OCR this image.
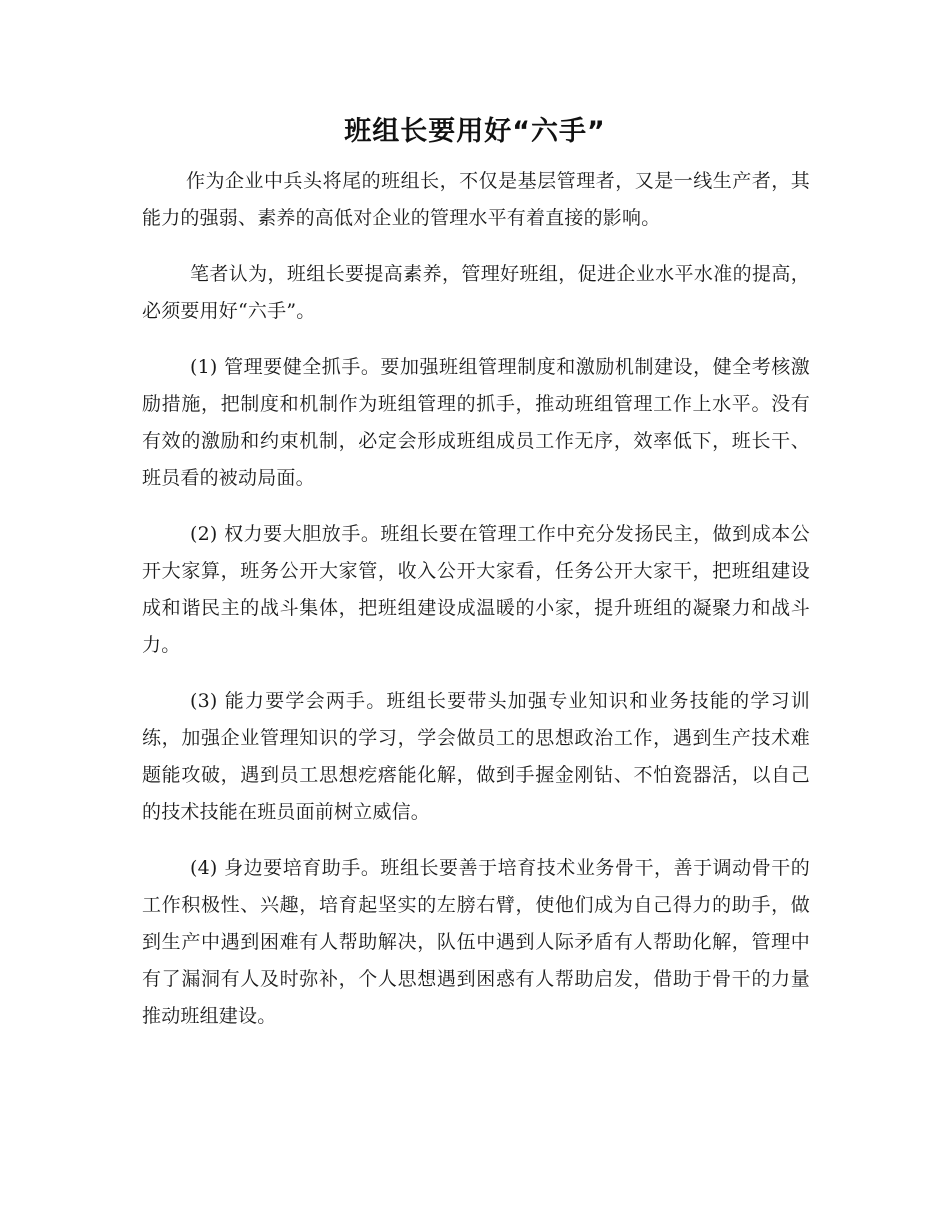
班组长要用好“六手”

作为企业中兵头将尾的班组长，不仅是基层管理者，又是一线生产者，其能力的强弱、素养的高低对企业的管理水平有着直接的影响。

笔者认为，班组长要提高素养，管理好班组，促进企业水平水准的提高，必须要用好“六手”。

(1) 管理要健全抓手。要加强班组管理制度和激励机制建设，健全考核激励措施，把制度和机制作为班组管理的抓手，推动班组管理工作上水平。没有有效的激励和约束机制，必定会形成班组成员工作无序，效率低下，班长干、班员看的被动局面。

(2) 权力要大胆放手。班组长要在管理工作中充分发扬民主，做到成本公开大家算，班务公开大家管，收入公开大家看，任务公开大家干，把班组建设成和谐民主的战斗集体，把班组建设成温暖的小家，提升班组的凝聚力和战斗力。

(3) 能力要学会两手。班组长要带头加强专业知识和业务技能的学习训练，加强企业管理知识的学习，学会做员工的思想政治工作，遇到生产技术难题能攻破，遇到员工思想疙瘩能化解，做到手握金刚钻、不怕瓷器活，以自己的技术技能在班员面前树立威信。

(4) 身边要培育助手。班组长要善于培育技术业务骨干，善于调动骨干的工作积极性、兴趣，培育起坚实的左膀右臂，使他们成为自己得力的助手，做到生产中遇到困难有人帮助解决，队伍中遇到人际矛盾有人帮助化解，管理中有了漏洞有人及时弥补，个人思想遇到困惑有人帮助启发，借助于骨干的力量推动班组建设。
